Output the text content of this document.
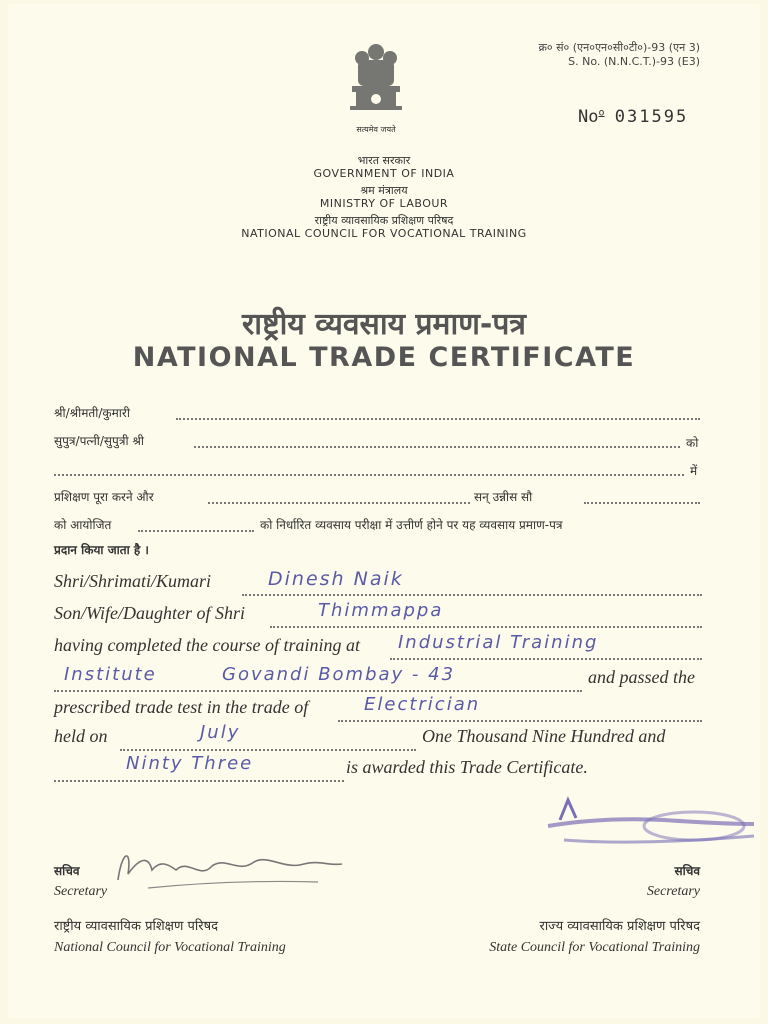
क्र० सं० (एन०एन०सी०टी०)-93 (एन 3)
S. No. (N.N.C.T.)-93 (E3)
No$^o$ 031595
सत्यमेव जयते
भारत सरकार
GOVERNMENT OF INDIA
श्रम मंत्रालय
MINISTRY OF LABOUR
राष्ट्रीय व्यावसायिक प्रशिक्षण परिषद
NATIONAL COUNCIL FOR VOCATIONAL TRAINING
राष्ट्रीय व्यवसाय प्रमाण-पत्र
NATIONAL TRADE CERTIFICATE
श्री/श्रीमती/कुमारी
सुपुत्र/पत्नी/सुपुत्री श्री	को
में
प्रशिक्षण पूरा करने और	सन् उन्नीस सौ
को आयोजित	को निर्धारित व्यवसाय परीक्षा में उत्तीर्ण होने पर यह व्यवसाय प्रमाण-पत्र
प्रदान किया जाता है ।
Shri/Shrimati/Kumari	Dinesh Naik
Son/Wife/Daughter of Shri	Thimmappa
having completed the course of training at Industrial Training
Institute	Govandi Bombay - 43	and passed the
prescribed trade test in the trade of	Electrician
held on	July	One Thousand Nine Hundred and
Ninty Three	is awarded this Trade Certificate.
सचिव
Secretary
राष्ट्रीय व्यावसायिक प्रशिक्षण परिषद
National Council for Vocational Training
सचिव
Secretary
राज्य व्यावसायिक प्रशिक्षण परिषद
State Council for Vocational Training
